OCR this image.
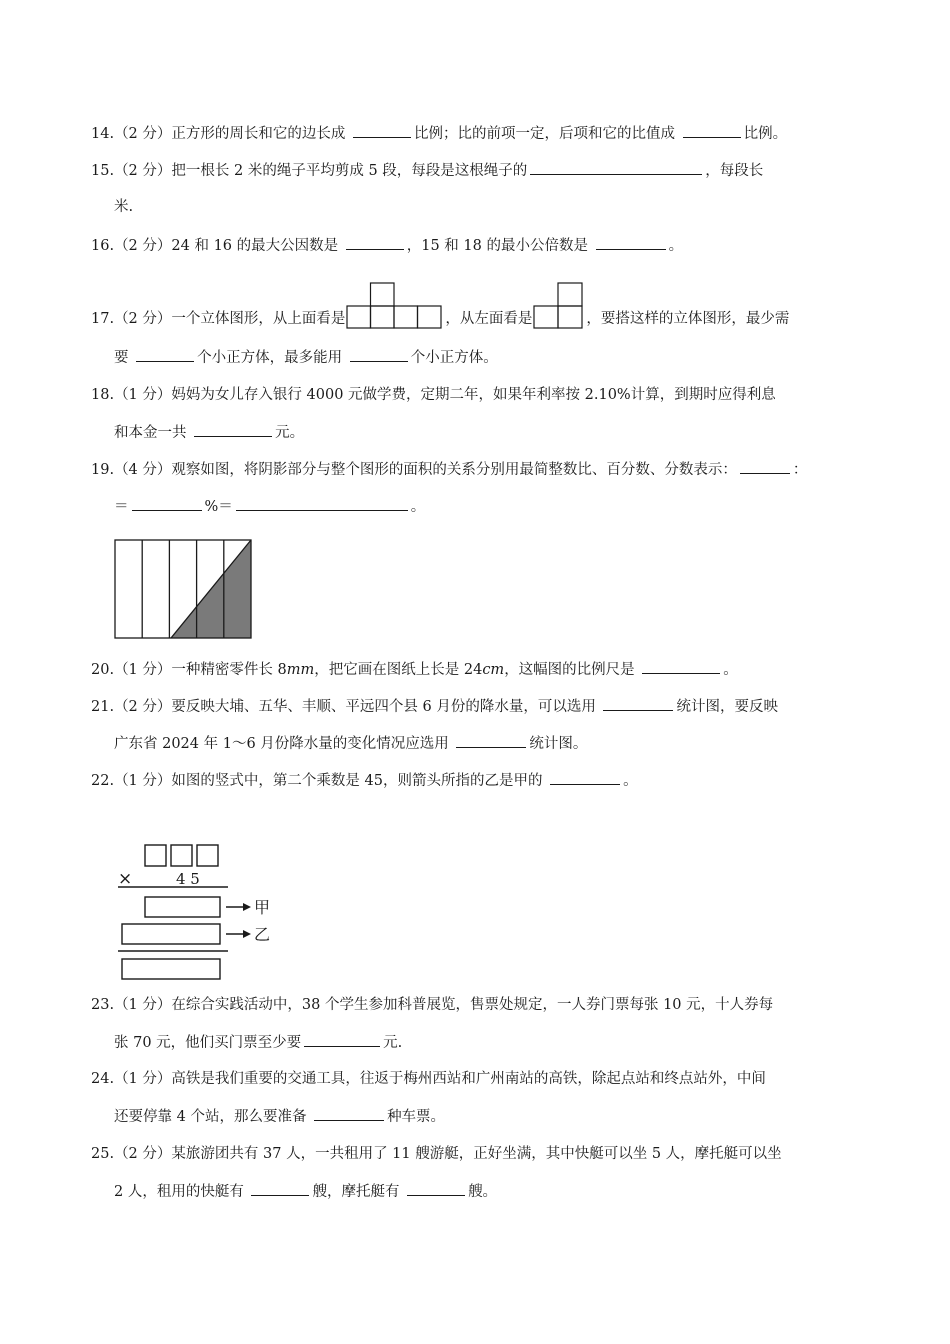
14.（2 分）正方形的周长和它的边长成	比例；比的前项一定，后项和它的比值成	比例。
15.（2 分）把一根长 2 米的绳子平均剪成 5 段，每段是这根绳子的	，每段长
米.
16.（2 分）24 和 16 的最大公因数是	，15 和 18 的最小公倍数是	。
17.（2 分）一个立体图形，从上面看是	，从左面看是	，要搭这样的立体图形，最少需
要	个小正方体，最多能用	个小正方体。
18.（1 分）妈妈为女儿存入银行 4000 元做学费，定期二年，如果年利率按 2.10%计算，到期时应得利息
和本金一共	元。
19.（4 分）观察如图，将阴影部分与整个图形的面积的关系分别用最简整数比、百分数、分数表示：	：
＝	%＝	。
20.（1 分）一种精密零件长 8mm，把它画在图纸上长是 24cm，这幅图的比例尺是	。
21.（2 分）要反映大埔、五华、丰顺、平远四个县 6 月份的降水量，可以选用	统计图，要反映
广东省 2024 年 1～6 月份降水量的变化情况应选用	统计图。
22.（1 分）如图的竖式中，第二个乘数是 45，则箭头所指的乙是甲的	。
×	4 5
甲
乙
23.（1 分）在综合实践活动中，38 个学生参加科普展览，售票处规定，一人券门票每张 10 元，十人券每
张 70 元，他们买门票至少要	元.
24.（1 分）高铁是我们重要的交通工具，往返于梅州西站和广州南站的高铁，除起点站和终点站外，中间
还要停靠 4 个站，那么要准备	种车票。
25.（2 分）某旅游团共有 37 人，一共租用了 11 艘游艇，正好坐满，其中快艇可以坐 5 人，摩托艇可以坐
2 人，租用的快艇有	艘，摩托艇有	艘。
